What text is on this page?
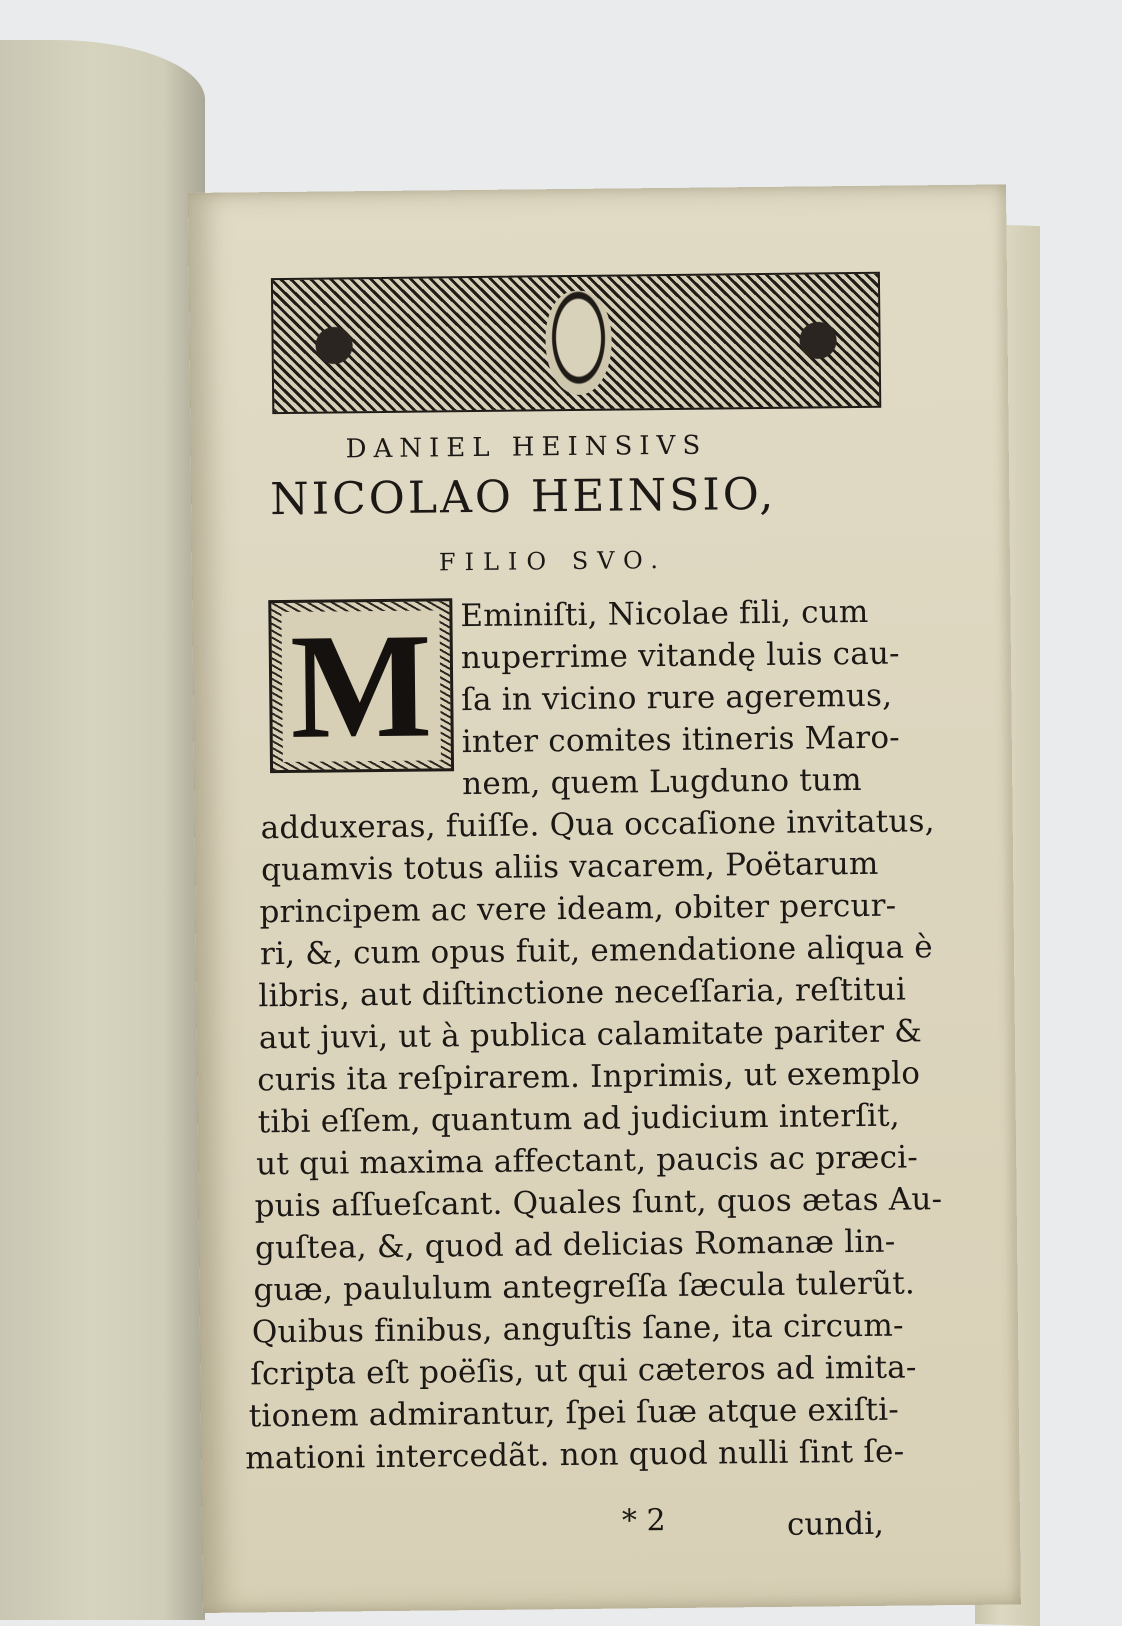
DANIEL HEINSIVS
NICOLAO HEINSIO,
FILIO SVO.
M Eminiſti, Nicolae fili, cum
nuperrime vitandę luis cau-
ſa in vicino rure ageremus,
inter comites itineris Maro-
nem, quem Lugduno tum
adduxeras, fuiſſe. Qua occaſione invitatus,
quamvis totus aliis vacarem, Poëtarum
principem ac vere ideam, obiter percur-
ri, &, cum opus fuit, emendatione aliqua è
libris, aut diſtinctione neceſſaria, reſtitui
aut juvi, ut à publica calamitate pariter &
curis ita reſpirarem. Inprimis, ut exemplo
tibi eſſem, quantum ad judicium interſit,
ut qui maxima affectant, paucis ac præci-
puis aſſueſcant. Quales ſunt, quos ætas Au-
guſtea, &, quod ad delicias Romanæ lin-
guæ, paululum antegreſſa ſæcula tulerũt.
Quibus finibus, anguſtis ſane, ita circum-
ſcripta eſt poëſis, ut qui cæteros ad imita-
tionem admirantur, ſpei ſuæ atque exiſti-
mationi intercedãt. non quod nulli ſint ſe-
* 2	cundi,
